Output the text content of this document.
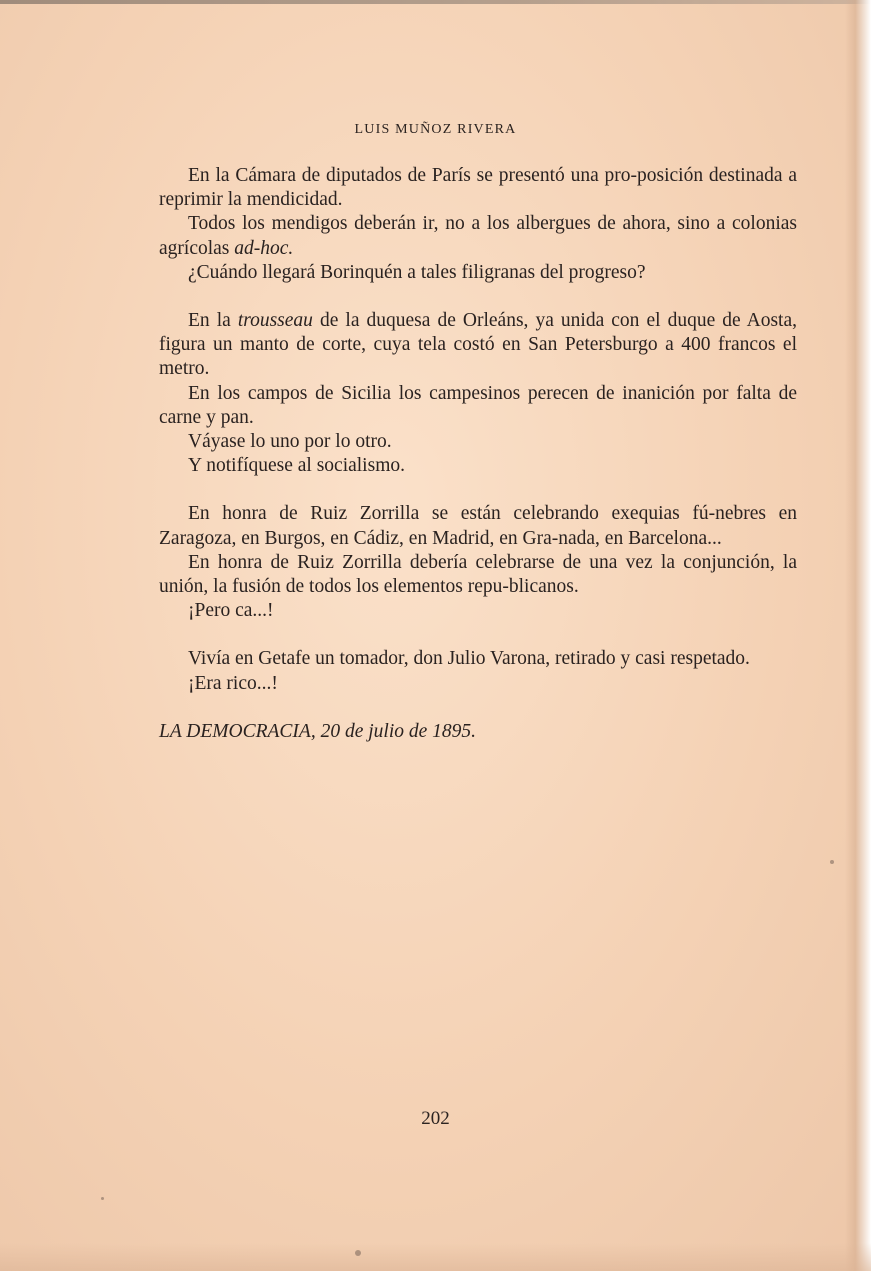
LUIS MUÑOZ RIVERA

En la Cámara de diputados de París se presentó una pro-posición destinada a reprimir la mendicidad.

Todos los mendigos deberán ir, no a los albergues de ahora, sino a colonias agrícolas ad-hoc.

¿Cuándo llegará Borinquén a tales filigranas del progreso?

En la trousseau de la duquesa de Orleáns, ya unida con el duque de Aosta, figura un manto de corte, cuya tela costó en San Petersburgo a 400 francos el metro.

En los campos de Sicilia los campesinos perecen de inanición por falta de carne y pan.

Váyase lo uno por lo otro.

Y notifíquese al socialismo.

En honra de Ruiz Zorrilla se están celebrando exequias fú-nebres en Zaragoza, en Burgos, en Cádiz, en Madrid, en Gra-nada, en Barcelona...

En honra de Ruiz Zorrilla debería celebrarse de una vez la conjunción, la unión, la fusión de todos los elementos repu-blicanos.

¡Pero ca...!

Vivía en Getafe un tomador, don Julio Varona, retirado y casi respetado.

¡Era rico...!

LA DEMOCRACIA, 20 de julio de 1895.

202
